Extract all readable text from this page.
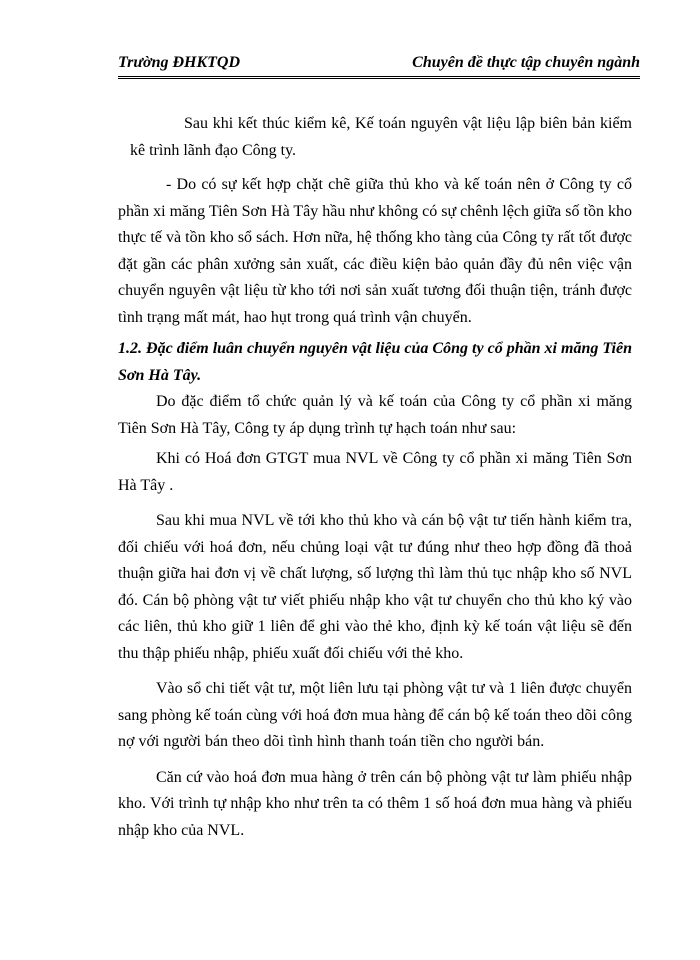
Trường ĐHKTQD	Chuyên đề thực tập chuyên ngành

Sau khi kết thúc kiểm kê, Kế toán nguyên vật liệu lập biên bản kiểm kê trình lãnh đạo Công ty.

- Do có sự kết hợp chặt chẽ giữa thủ kho và kế toán nên ở Công ty cổ phần xi măng Tiên Sơn Hà Tây hầu như không có sự chênh lệch giữa số tồn kho thực tế và tồn kho sổ sách. Hơn nữa, hệ thống kho tàng của Công ty rất tốt được đặt gần các phân xưởng sản xuất, các điều kiện bảo quản đầy đủ nên việc vận chuyển nguyên vật liệu từ kho tới nơi sản xuất tương đối thuận tiện, tránh được tình trạng mất mát, hao hụt trong quá trình vận chuyển.

1.2. Đặc điểm luân chuyển nguyên vật liệu của Công ty cổ phần xi măng Tiên Sơn Hà Tây.

Do đặc điểm tổ chức quản lý và kế toán của Công ty cổ phần xi măng Tiên Sơn Hà Tây, Công ty áp dụng trình tự hạch toán như sau:

Khi có Hoá đơn GTGT mua NVL về Công ty cổ phần xi măng Tiên Sơn Hà Tây .

Sau khi mua NVL về tới kho thủ kho và cán bộ vật tư tiến hành kiểm tra, đối chiếu với hoá đơn, nếu chủng loại vật tư đúng như theo hợp đồng đã thoả thuận giữa hai đơn vị về chất lượng, số lượng thì làm thủ tục nhập kho số NVL đó. Cán bộ phòng vật tư viết phiếu nhập kho vật tư chuyển cho thủ kho ký vào các liên, thủ kho giữ 1 liên để ghi vào thẻ kho, định kỳ kế toán vật liệu sẽ đến thu thập phiếu nhập, phiếu xuất đối chiếu với thẻ kho.

Vào sổ chi tiết vật tư, một liên lưu tại phòng vật tư và 1 liên được chuyển sang phòng kế toán cùng với hoá đơn mua hàng để cán bộ kế toán theo dõi công nợ với người bán theo dõi tình hình thanh toán tiền cho người bán.

Căn cứ vào hoá đơn mua hàng ở trên cán bộ phòng vật tư làm phiếu nhập kho. Với trình tự nhập kho như trên ta có thêm 1 số hoá đơn mua hàng và phiếu nhập kho của NVL.
